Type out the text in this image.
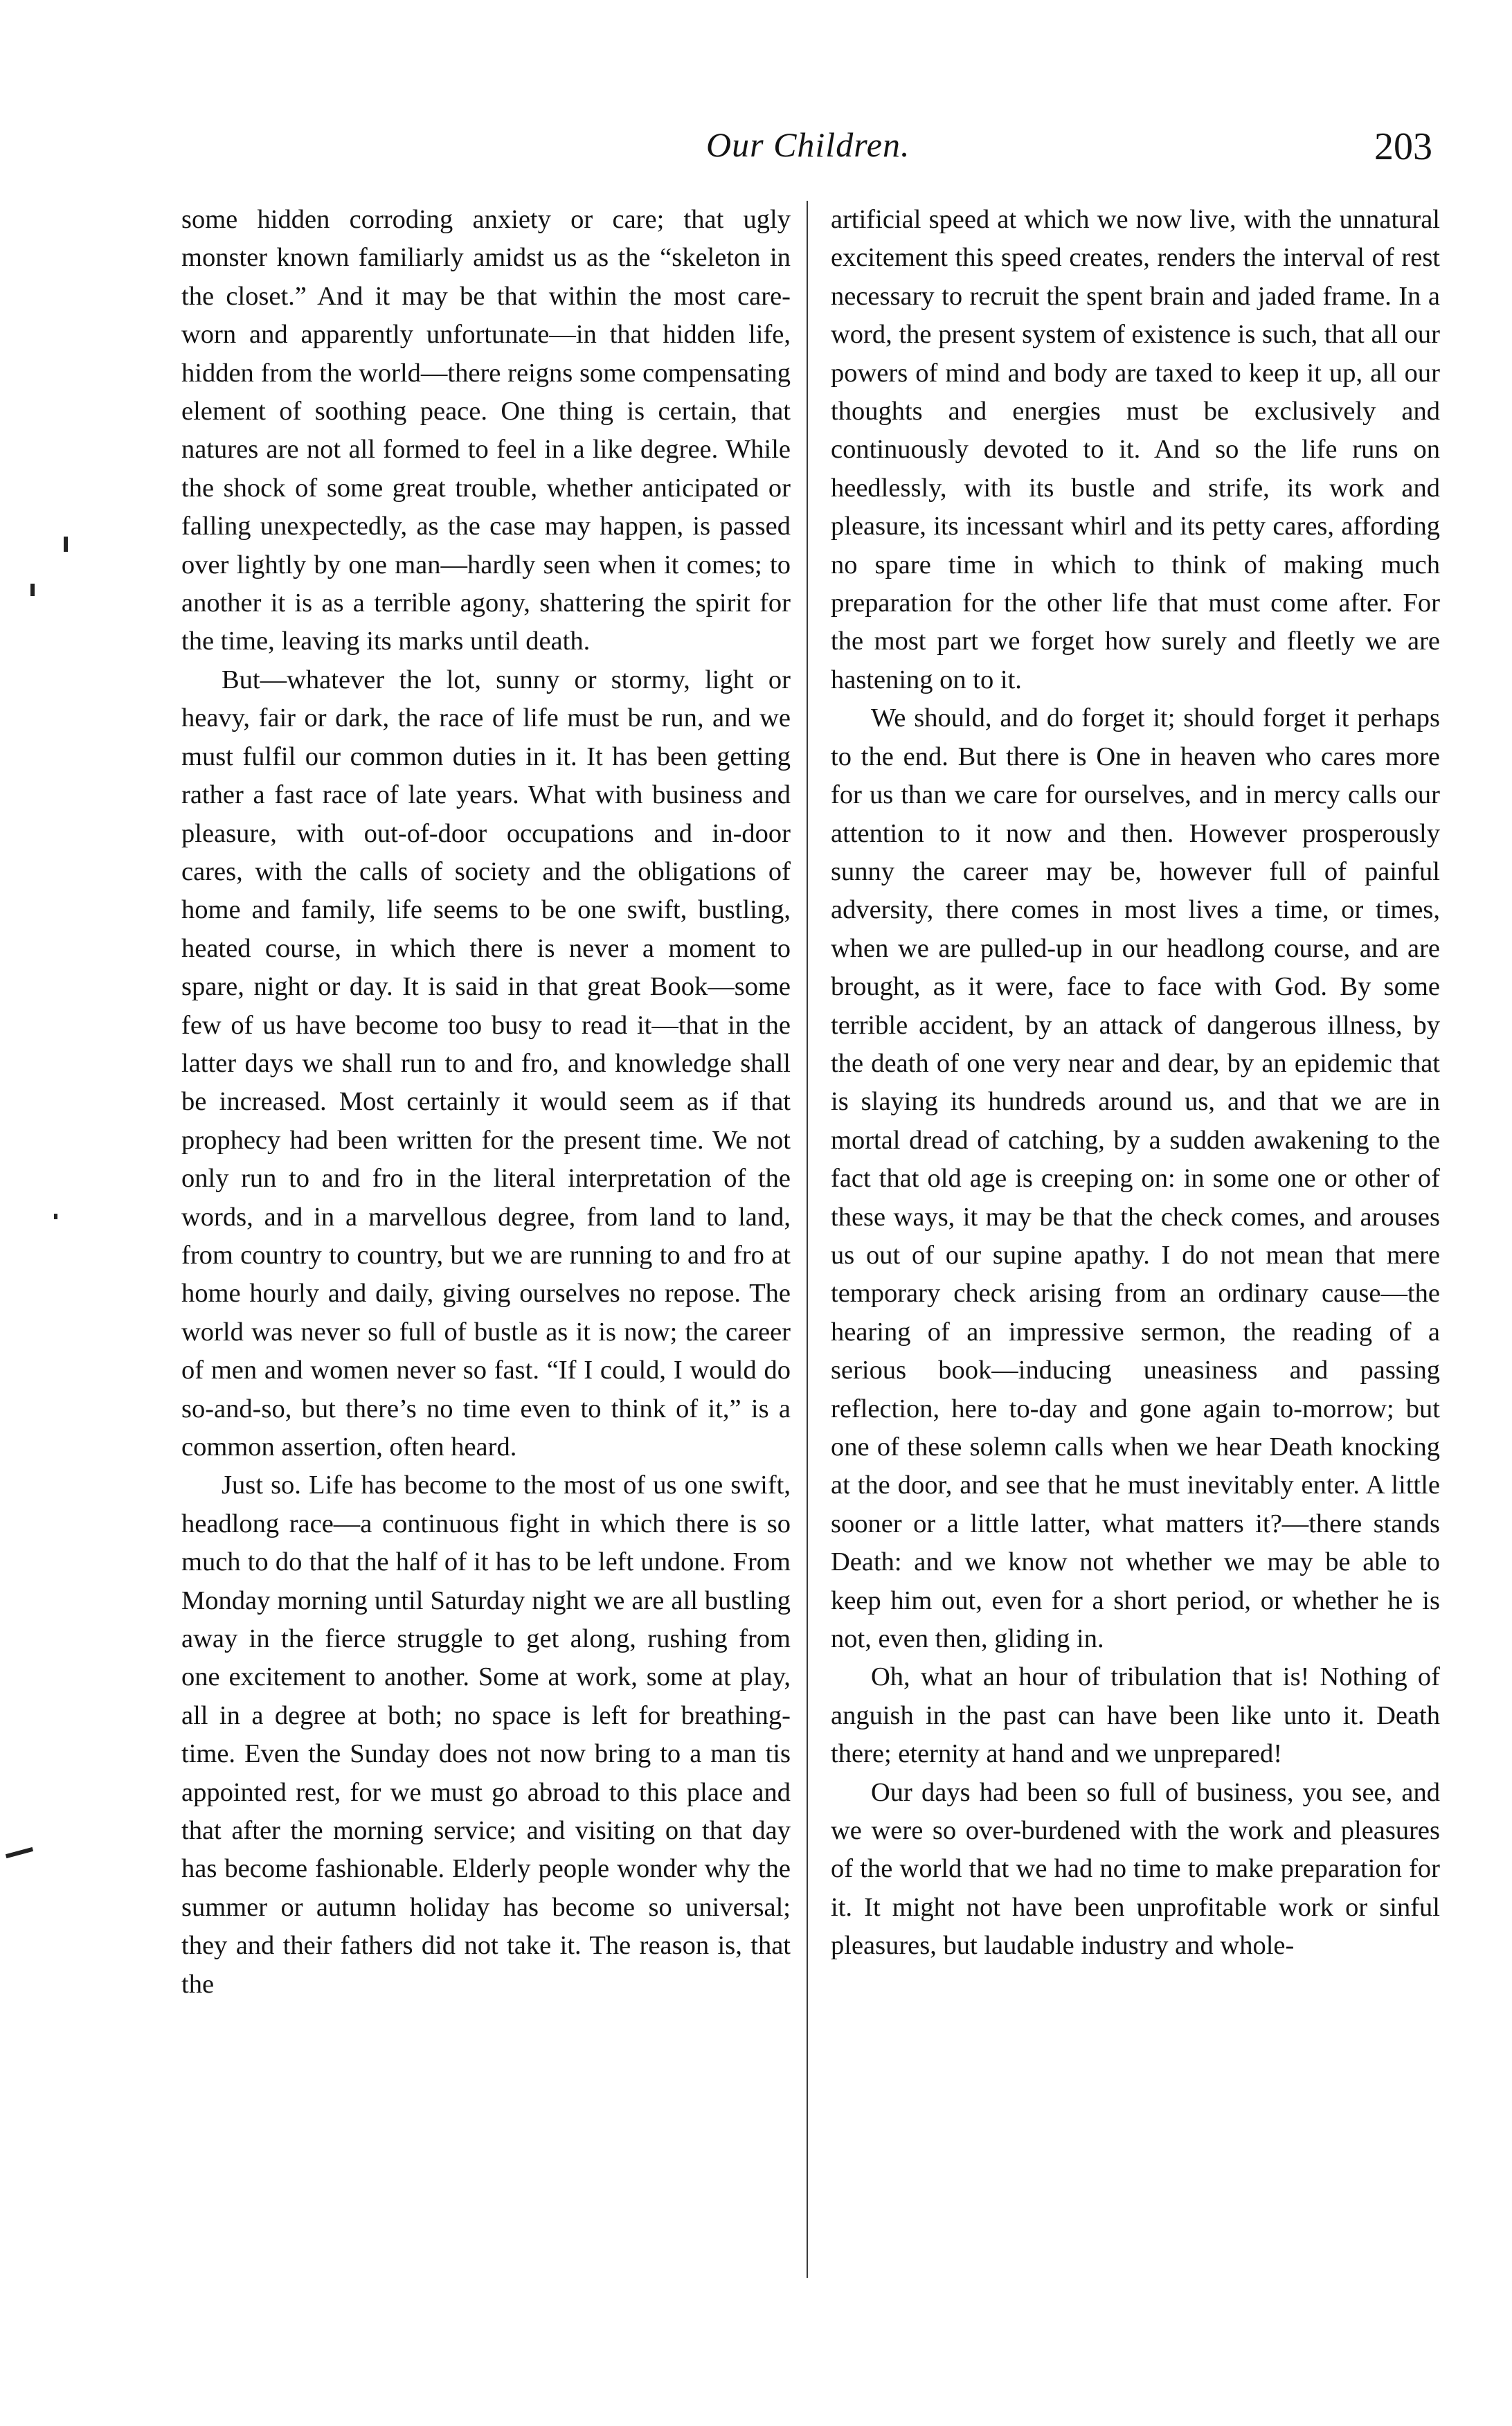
Our Children.	203

some hidden corroding anxiety or care; that ugly monster known familiarly amidst us as the “skeleton in the closet.” And it may be that within the most care-worn and apparently unfortunate—in that hidden life, hidden from the world—there reigns some compensating element of soothing peace. One thing is certain, that natures are not all formed to feel in a like degree. While the shock of some great trouble, whether anticipated or falling unexpectedly, as the case may happen, is passed over lightly by one man—hardly seen when it comes; to another it is as a terrible agony, shattering the spirit for the time, leaving its marks until death.

But—whatever the lot, sunny or stormy, light or heavy, fair or dark, the race of life must be run, and we must fulfil our common duties in it. It has been getting rather a fast race of late years. What with business and pleasure, with out-of-door occupations and in-door cares, with the calls of society and the obligations of home and family, life seems to be one swift, bustling, heated course, in which there is never a moment to spare, night or day. It is said in that great Book—some few of us have become too busy to read it—that in the latter days we shall run to and fro, and knowledge shall be increased. Most certainly it would seem as if that prophecy had been written for the present time. We not only run to and fro in the literal interpretation of the words, and in a marvellous degree, from land to land, from country to country, but we are running to and fro at home hourly and daily, giving ourselves no repose. The world was never so full of bustle as it is now; the career of men and women never so fast. “If I could, I would do so-and-so, but there’s no time even to think of it,” is a common assertion, often heard.

Just so. Life has become to the most of us one swift, headlong race—a continuous fight in which there is so much to do that the half of it has to be left undone. From Monday morning until Saturday night we are all bustling away in the fierce struggle to get along, rushing from one excitement to another. Some at work, some at play, all in a degree at both; no space is left for breathing-time. Even the Sunday does not now bring to a man tis appointed rest, for we must go abroad to this place and that after the morning service; and visiting on that day has become fashionable. Elderly people wonder why the summer or autumn holiday has become so universal; they and their fathers did not take it. The reason is, that the

artificial speed at which we now live, with the unnatural excitement this speed creates, renders the interval of rest necessary to recruit the spent brain and jaded frame. In a word, the present system of existence is such, that all our powers of mind and body are taxed to keep it up, all our thoughts and energies must be exclusively and continuously devoted to it. And so the life runs on heedlessly, with its bustle and strife, its work and pleasure, its incessant whirl and its petty cares, affording no spare time in which to think of making much preparation for the other life that must come after. For the most part we forget how surely and fleetly we are hastening on to it.

We should, and do forget it; should forget it perhaps to the end. But there is One in heaven who cares more for us than we care for ourselves, and in mercy calls our attention to it now and then. However prosperously sunny the career may be, however full of painful adversity, there comes in most lives a time, or times, when we are pulled-up in our headlong course, and are brought, as it were, face to face with God. By some terrible accident, by an attack of dangerous illness, by the death of one very near and dear, by an epidemic that is slaying its hundreds around us, and that we are in mortal dread of catching, by a sudden awakening to the fact that old age is creeping on: in some one or other of these ways, it may be that the check comes, and arouses us out of our supine apathy. I do not mean that mere temporary check arising from an ordinary cause—the hearing of an impressive sermon, the reading of a serious book—inducing uneasiness and passing reflection, here to-day and gone again to-morrow; but one of these solemn calls when we hear Death knocking at the door, and see that he must inevitably enter. A little sooner or a little latter, what matters it?—there stands Death: and we know not whether we may be able to keep him out, even for a short period, or whether he is not, even then, gliding in.

Oh, what an hour of tribulation that is! Nothing of anguish in the past can have been like unto it. Death there; eternity at hand and we unprepared!

Our days had been so full of business, you see, and we were so over-burdened with the work and pleasures of the world that we had no time to make preparation for it. It might not have been unprofitable work or sinful pleasures, but laudable industry and whole-
